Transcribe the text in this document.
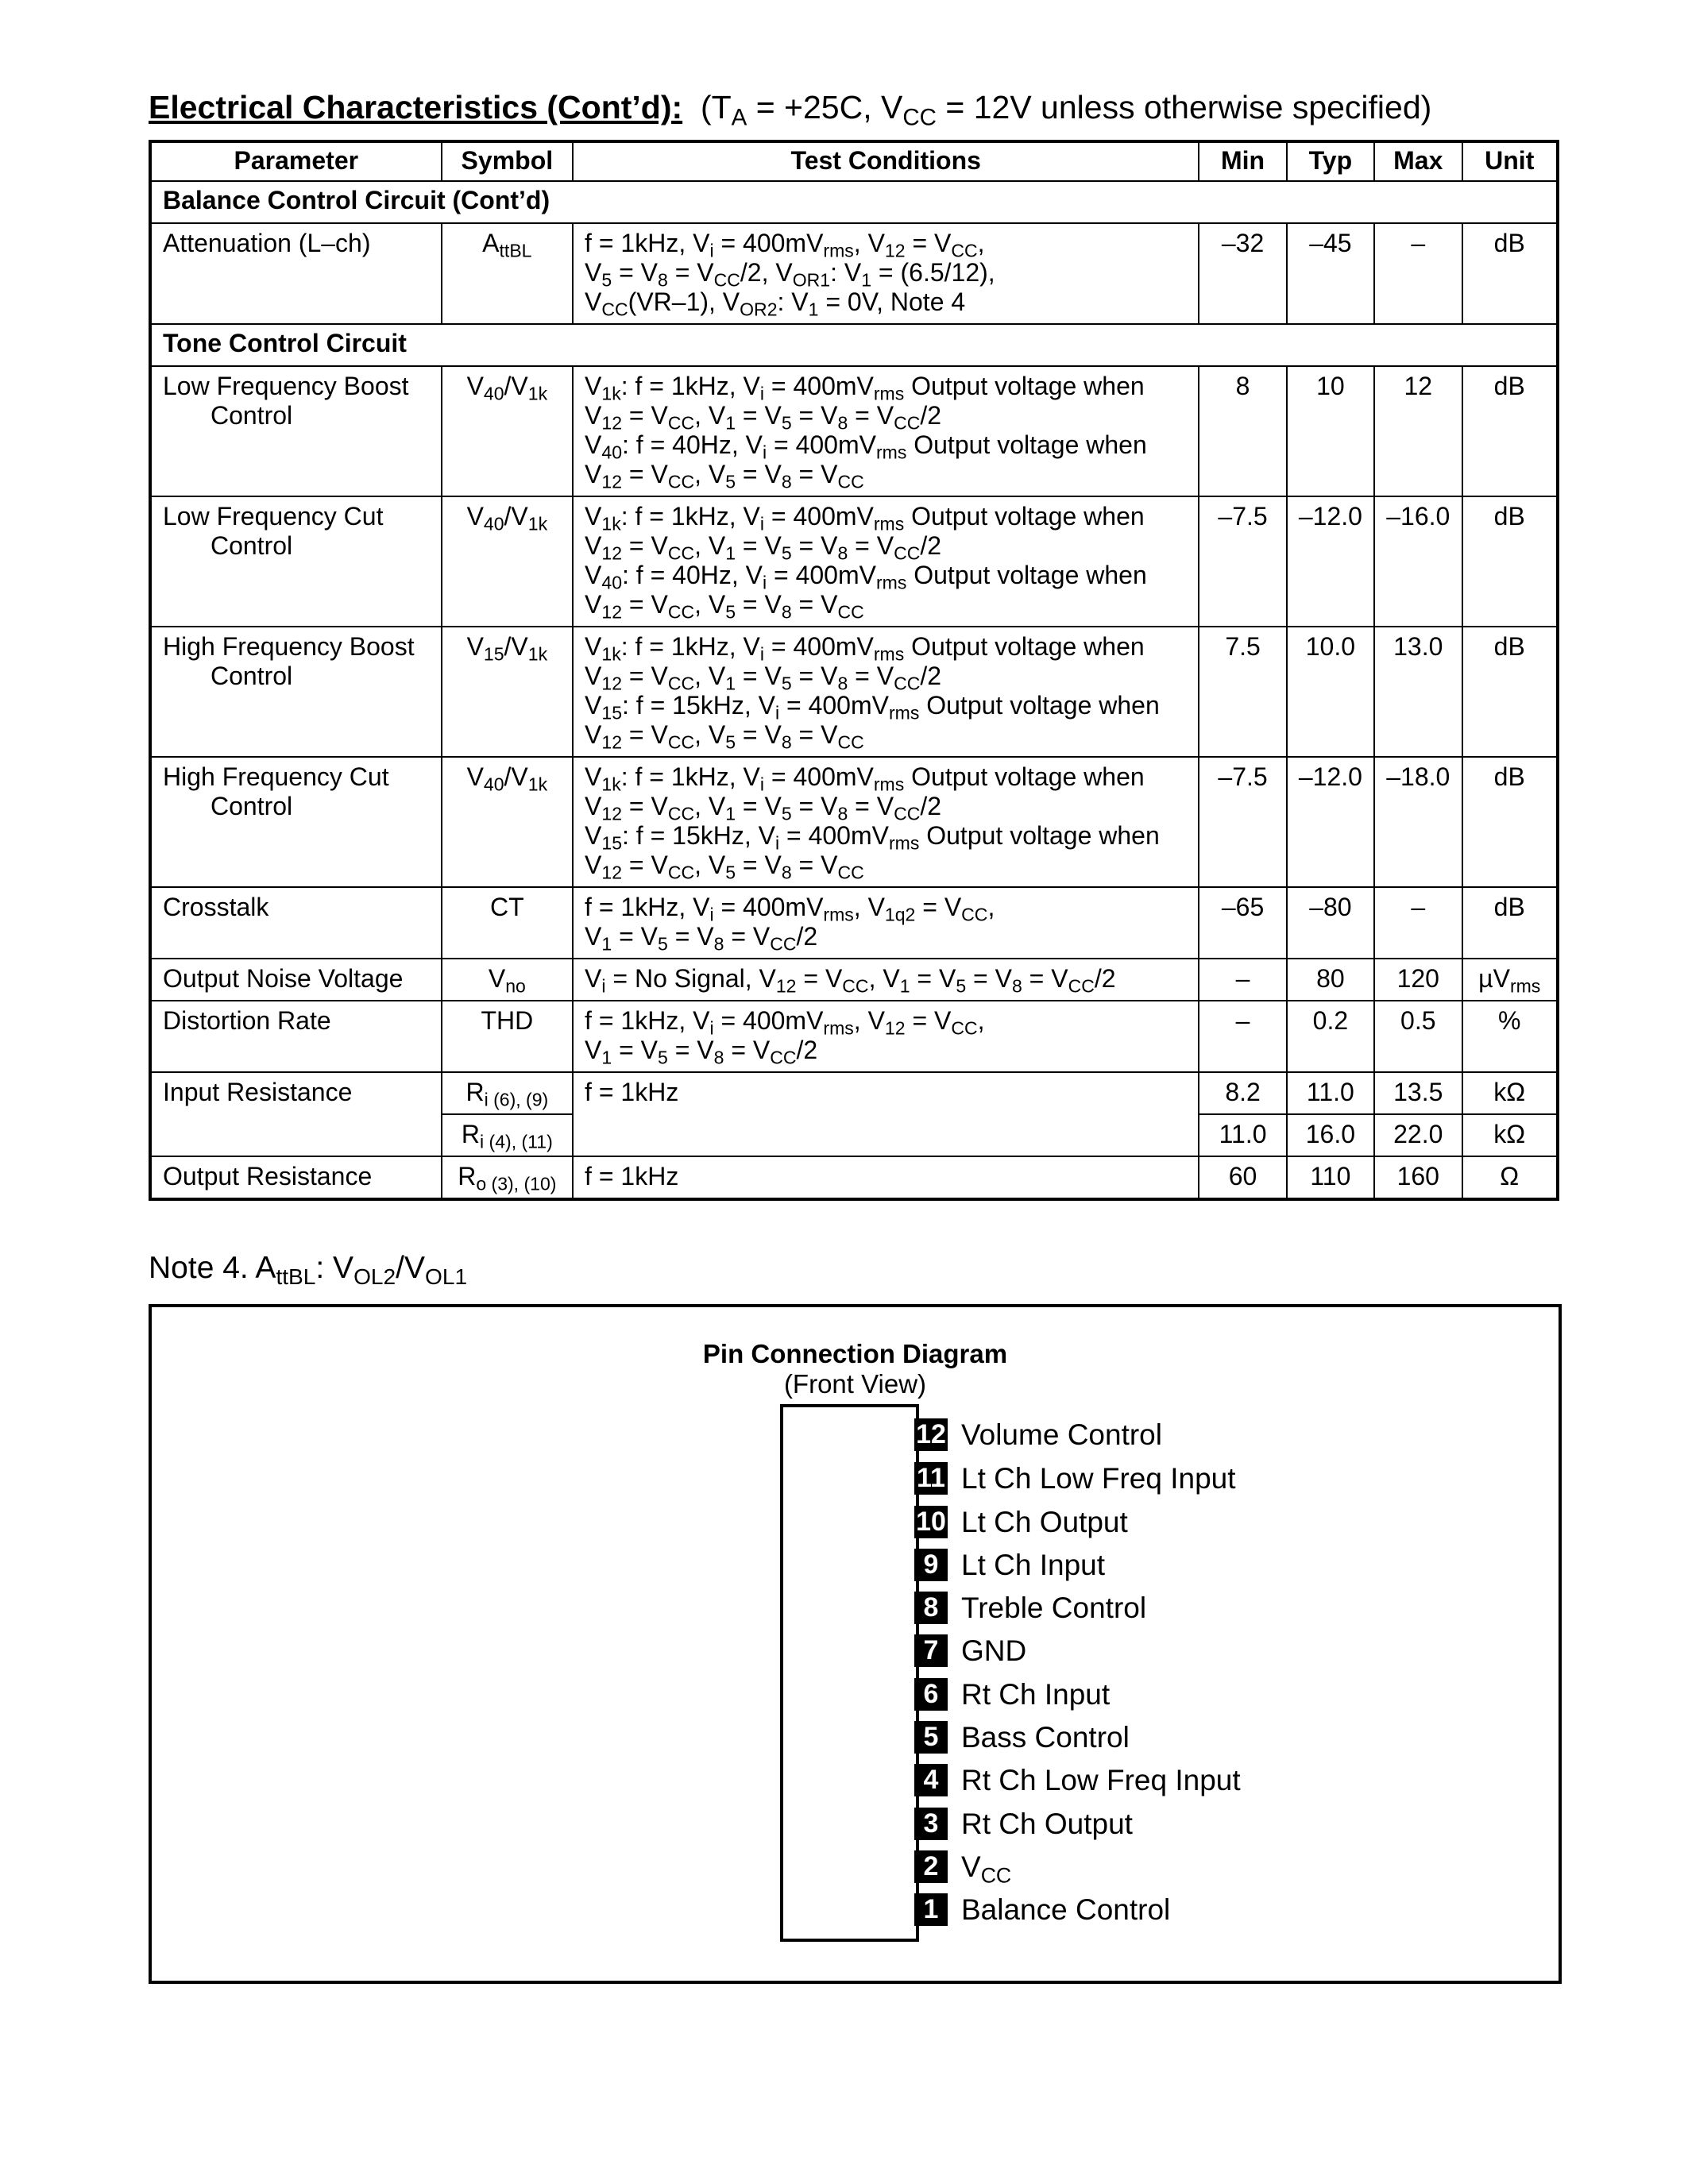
Electrical Characteristics (Cont’d): ($T_A = +25C$, $V_{CC} = 12V$ unless otherwise specified)
Parameter	Symbol	Test Conditions	Min	Typ	Max	Unit
Balance Control Circuit (Cont’d)						
Attenuation (L–ch)	$A_{ttBL}$	f = 1kHz, $V_i = 400mV_{rms}$, $V_{12} = V_{CC}$,
$V_5 = V_8 = V_{CC}/2$, $V_{OR1}$: $V_1 = (6.5/12)$,
$V_{CC}(VR-1)$, $V_{OR2}$: $V_1 = 0V$, Note 4	–32	–45	–	dB
Tone Control Circuit						

Low Frequency Boost
Control	$V_{40}/V_{1k}$	$V_{1k}$: f = 1kHz, $V_i = 400mV_{rms}$ Output voltage when
$V_{12} = V_{CC}$, $V_1 = V_5 = V_8 = V_{CC}/2$
$V_{40}$: f = 40Hz, $V_i = 400mV_{rms}$ Output voltage when
$V_{12} = V_{CC}$, $V_5 = V_8 = V_{CC}$	8	10	12	dB

Low Frequency Cut
Control	$V_{40}/V_{1k}$	$V_{1k}$: f = 1kHz, $V_i = 400mV_{rms}$ Output voltage when
$V_{12} = V_{CC}$, $V_1 = V_5 = V_8 = V_{CC}/2$
$V_{40}$: f = 40Hz, $V_i = 400mV_{rms}$ Output voltage when
$V_{12} = V_{CC}$, $V_5 = V_8 = V_{CC}$	–7.5	–12.0	–16.0	dB

High Frequency Boost
Control	$V_{15}/V_{1k}$	$V_{1k}$: f = 1kHz, $V_i = 400mV_{rms}$ Output voltage when
$V_{12} = V_{CC}$, $V_1 = V_5 = V_8 = V_{CC}/2$
$V_{15}$: f = 15kHz, $V_i = 400mV_{rms}$ Output voltage when
$V_{12} = V_{CC}$, $V_5 = V_8 = V_{CC}$	7.5	10.0	13.0	dB

High Frequency Cut
Control	$V_{40}/V_{1k}$	$V_{1k}$: f = 1kHz, $V_i = 400mV_{rms}$ Output voltage when
$V_{12} = V_{CC}$, $V_1 = V_5 = V_8 = V_{CC}/2$
$V_{15}$: f = 15kHz, $V_i = 400mV_{rms}$ Output voltage when
$V_{12} = V_{CC}$, $V_5 = V_8 = V_{CC}$	–7.5	–12.0	–18.0	dB
Crosstalk	CT	f = 1kHz, $V_i = 400mV_{rms}$, $V_{1q2} = V_{CC}$,
$V_1 = V_5 = V_8 = V_{CC}/2$	–65	–80	–	dB
Output Noise Voltage	$V_{no}$	$V_i = No$ Signal, $V_{12} = V_{CC}$, $V_1 = V_5 = V_8 = V_{CC}/2$	–	80	120	µV$_{rms}$
Distortion Rate	THD	f = 1kHz, $V_i = 400mV_{rms}$, $V_{12} = V_{CC}$,
$V_1 = V_5 = V_8 = V_{CC}/2$	–	0.2	0.5	%
Input Resistance	$R_{i (6), (9)}$	f = 1kHz	8.2	11.0	13.5	kΩ
	$R_{i (4), (11)}$		11.0	16.0	22.0	kΩ
Output Resistance	$R_{o (3), (10)}$	f = 1kHz	60	110	160	Ω
Note 4. $A_{ttBL}$: $V_{OL2}/V_{OL1}$
Pin Connection Diagram
(Front View)
12 Volume Control
11 Lt Ch Low Freq Input
10 Lt Ch Output
9 Lt Ch Input
8 Treble Control
7 GND
6 Rt Ch Input
5 Bass Control
4 Rt Ch Low Freq Input
3 Rt Ch Output
2 $V_{CC}$
1 Balance Control
